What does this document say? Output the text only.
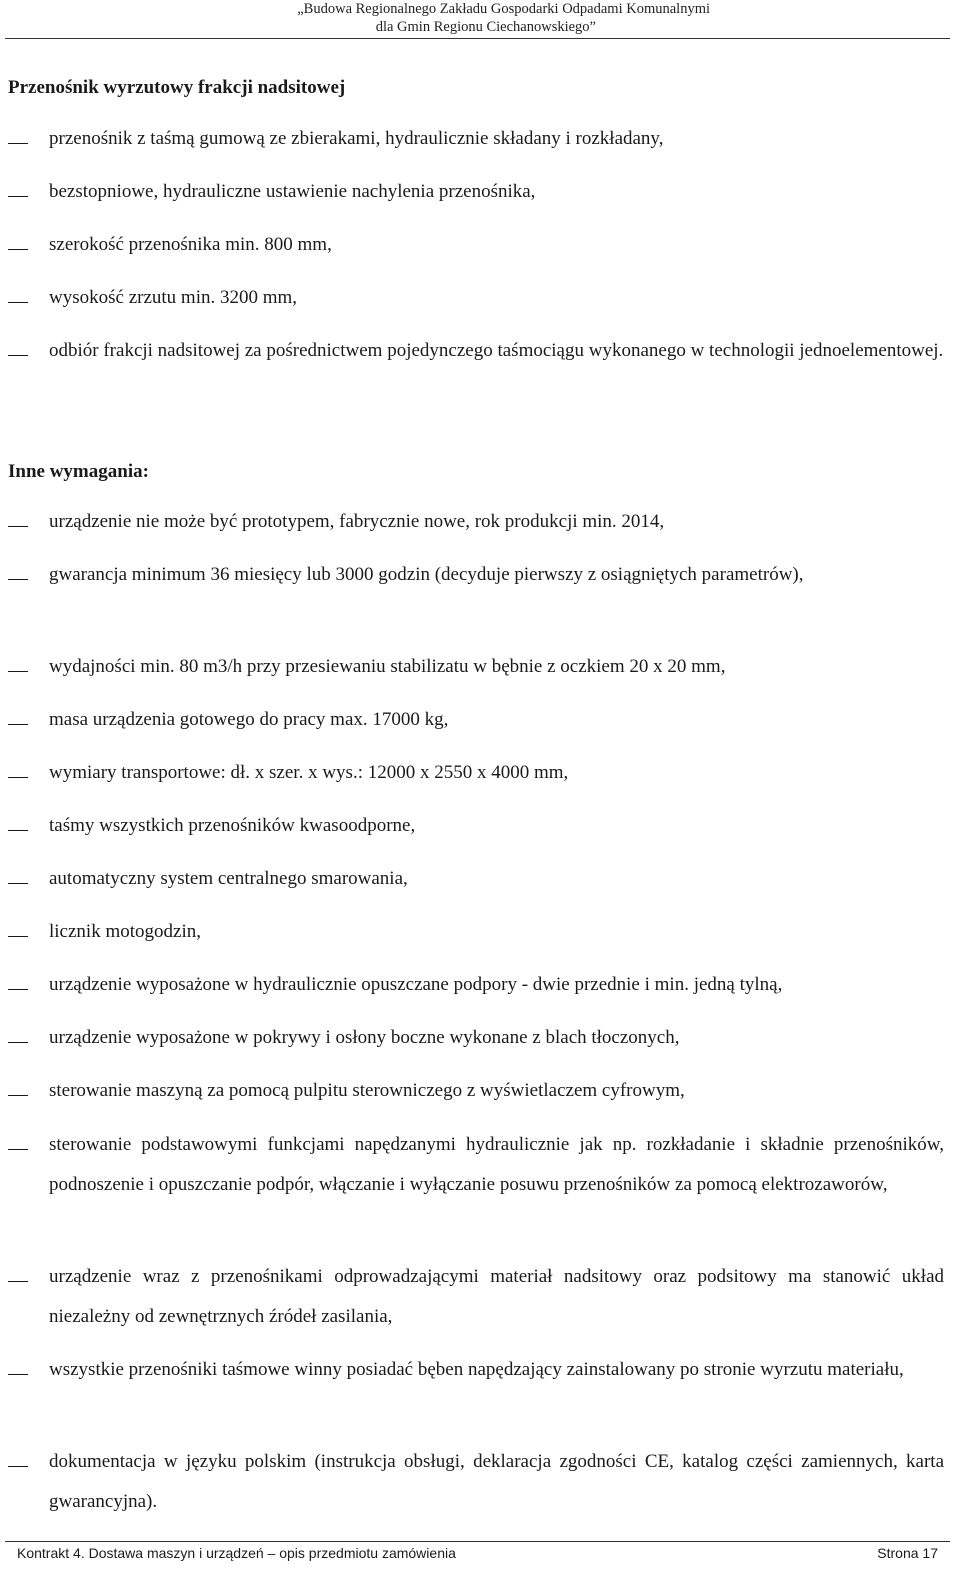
„Budowa Regionalnego Zakładu Gospodarki Odpadami Komunalnymi
dla Gmin Regionu Ciechanowskiego”
Przenośnik wyrzutowy frakcji nadsitowej
przenośnik z taśmą gumową ze zbierakami, hydraulicznie składany i rozkładany,
bezstopniowe, hydrauliczne ustawienie nachylenia przenośnika,
szerokość przenośnika min. 800 mm,
wysokość zrzutu min. 3200 mm,
odbiór frakcji nadsitowej za pośrednictwem pojedynczego taśmociągu wykonanego w technologii jednoelementowej.
Inne wymagania:
urządzenie nie może być prototypem, fabrycznie nowe, rok produkcji min. 2014,
gwarancja minimum 36 miesięcy lub 3000 godzin (decyduje pierwszy z osiągniętych parametrów),
wydajności min. 80 m3/h przy przesiewaniu stabilizatu w bębnie z oczkiem 20 x 20 mm,
masa urządzenia gotowego do pracy max. 17000 kg,
wymiary transportowe: dł. x szer. x wys.: 12000 x 2550 x 4000 mm,
taśmy wszystkich przenośników kwasoodporne,
automatyczny system centralnego smarowania,
licznik motogodzin,
urządzenie wyposażone w hydraulicznie opuszczane podpory - dwie przednie i min. jedną tylną,
urządzenie wyposażone w pokrywy i osłony boczne wykonane z blach tłoczonych,
sterowanie maszyną za pomocą pulpitu sterowniczego z wyświetlaczem cyfrowym,
sterowanie podstawowymi funkcjami napędzanymi hydraulicznie jak np. rozkładanie i składnie przenośników, podnoszenie i opuszczanie podpór, włączanie i wyłączanie posuwu przenośników za pomocą elektrozaworów,
urządzenie wraz z przenośnikami odprowadzającymi materiał nadsitowy oraz podsitowy ma stanowić układ niezależny od zewnętrznych źródeł zasilania,
wszystkie przenośniki taśmowe winny posiadać bęben napędzający zainstalowany po stronie wyrzutu materiału,
dokumentacja w języku polskim (instrukcja obsługi, deklaracja zgodności CE, katalog części zamiennych, karta gwarancyjna).
Kontrakt 4. Dostawa maszyn i urządzeń – opis przedmiotu zamówienia	Strona 17
